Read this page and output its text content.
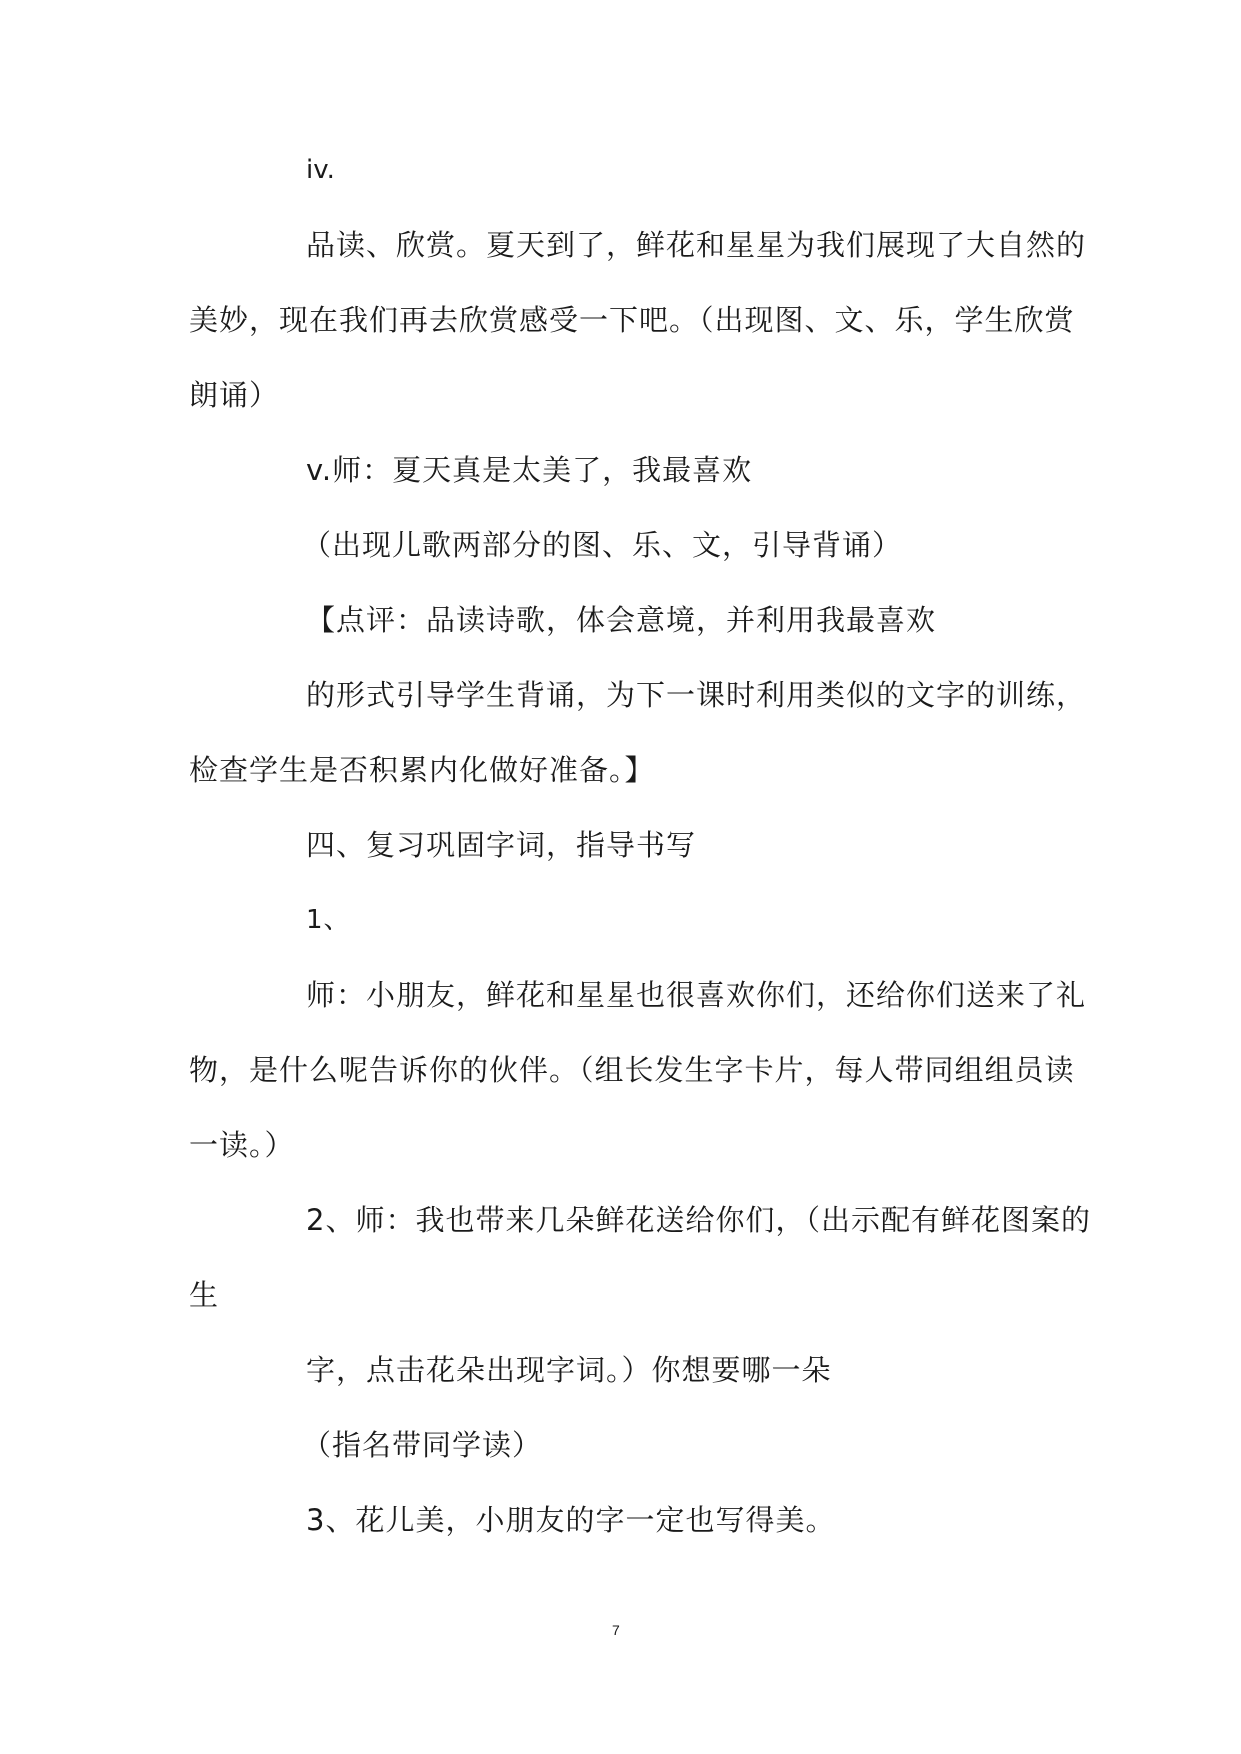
iv.
品读、欣赏。夏天到了，鲜花和星星为我们展现了大自然的
美妙，现在我们再去欣赏感受一下吧。（出现图、文、乐，学生欣赏
朗诵）
v.师：夏天真是太美了，我最喜欢
（出现儿歌两部分的图、乐、文，引导背诵）
【点评：品读诗歌，体会意境，并利用我最喜欢
的形式引导学生背诵，为下一课时利用类似的文字的训练，
检查学生是否积累内化做好准备。】
四、复习巩固字词，指导书写
1、
师：小朋友，鲜花和星星也很喜欢你们，还给你们送来了礼
物，是什么呢告诉你的伙伴。（组长发生字卡片，每人带同组组员读
一读。）
2、师：我也带来几朵鲜花送给你们，（出示配有鲜花图案的
生
字，点击花朵出现字词。）你想要哪一朵
（指名带同学读）
3、花儿美，小朋友的字一定也写得美。
7
